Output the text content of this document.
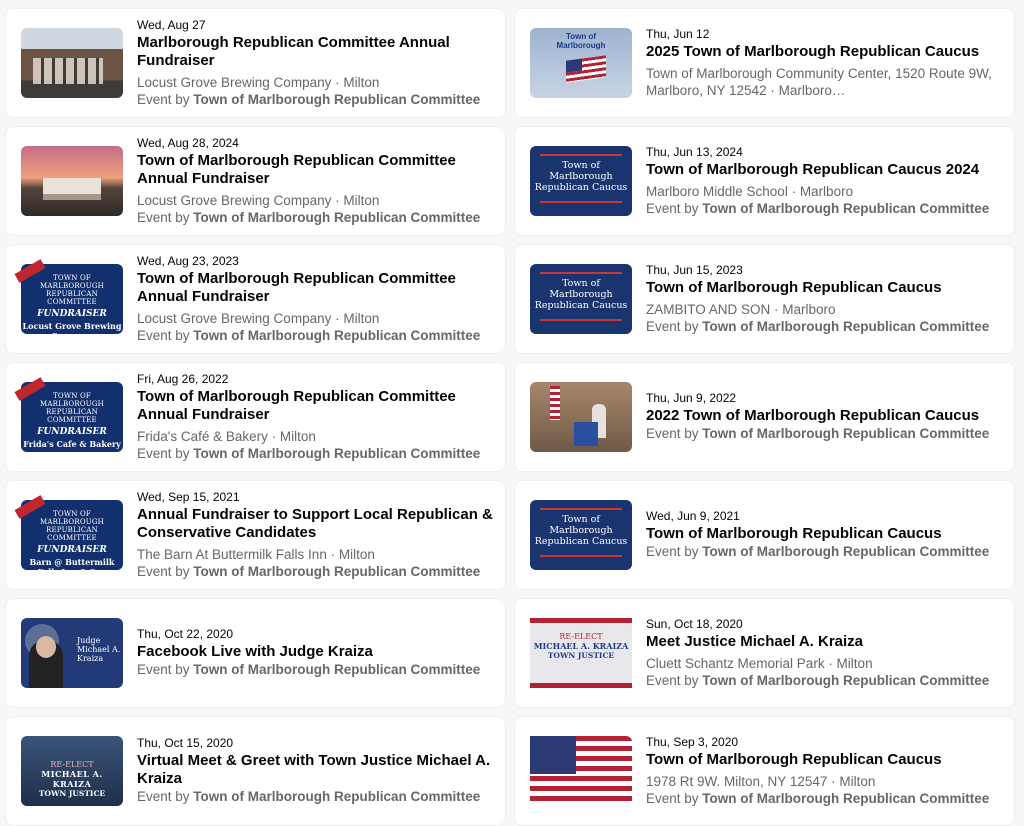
Wed, Aug 27
Marlborough Republican Committee Annual Fundraiser
Locust Grove Brewing Company · Milton
Event by Town of Marlborough Republican Committee
Town of
Marlborough
Thu, Jun 12
2025 Town of Marlborough Republican Caucus
Town of Marlborough Community Center, 1520 Route 9W, Marlboro, NY 12542 · Marlboro…
Wed, Aug 28, 2024
Town of Marlborough Republican Committee Annual Fundraiser
Locust Grove Brewing Company · Milton
Event by Town of Marlborough Republican Committee
Town of Marlborough
Republican Caucus
Thu, Jun 13, 2024
Town of Marlborough Republican Caucus 2024
Marlboro Middle School · Marlboro
Event by Town of Marlborough Republican Committee
TOWN OF MARLBOROUGH REPUBLICAN COMMITTEE
FUNDRAISER
Locust Grove Brewing Company
Wed, Aug 23, 2023
Town of Marlborough Republican Committee Annual Fundraiser
Locust Grove Brewing Company · Milton
Event by Town of Marlborough Republican Committee
Town of Marlborough
Republican Caucus
Thu, Jun 15, 2023
Town of Marlborough Republican Caucus
ZAMBITO AND SON · Marlboro
Event by Town of Marlborough Republican Committee
TOWN OF MARLBOROUGH REPUBLICAN COMMITTEE
FUNDRAISER
Frida's Cafe & Bakery
Fri, Aug 26, 2022
Town of Marlborough Republican Committee Annual Fundraiser
Frida's Café & Bakery · Milton
Event by Town of Marlborough Republican Committee
Thu, Jun 9, 2022
2022 Town of Marlborough Republican Caucus
Event by Town of Marlborough Republican Committee
TOWN OF MARLBOROUGH REPUBLICAN COMMITTEE
FUNDRAISER
Barn @ Buttermilk Falls Inn & Spa
Wed, Sep 15, 2021
Annual Fundraiser to Support Local Republican & Conservative Candidates
The Barn At Buttermilk Falls Inn · Milton
Event by Town of Marlborough Republican Committee
Town of Marlborough
Republican Caucus
Wed, Jun 9, 2021
Town of Marlborough Republican Caucus
Event by Town of Marlborough Republican Committee
Judge
Michael A.
Kraiza
Thu, Oct 22, 2020
Facebook Live with Judge Kraiza
Event by Town of Marlborough Republican Committee
RE-ELECT
MICHAEL A. KRAIZA
TOWN JUSTICE
Sun, Oct 18, 2020
Meet Justice Michael A. Kraiza
Cluett Schantz Memorial Park · Milton
Event by Town of Marlborough Republican Committee
RE-ELECT
MICHAEL A. KRAIZA
TOWN JUSTICE
Thu, Oct 15, 2020
Virtual Meet & Greet with Town Justice Michael A. Kraiza
Event by Town of Marlborough Republican Committee
Thu, Sep 3, 2020
Town of Marlborough Republican Caucus
1978 Rt 9W. Milton, NY 12547 · Milton
Event by Town of Marlborough Republican Committee
